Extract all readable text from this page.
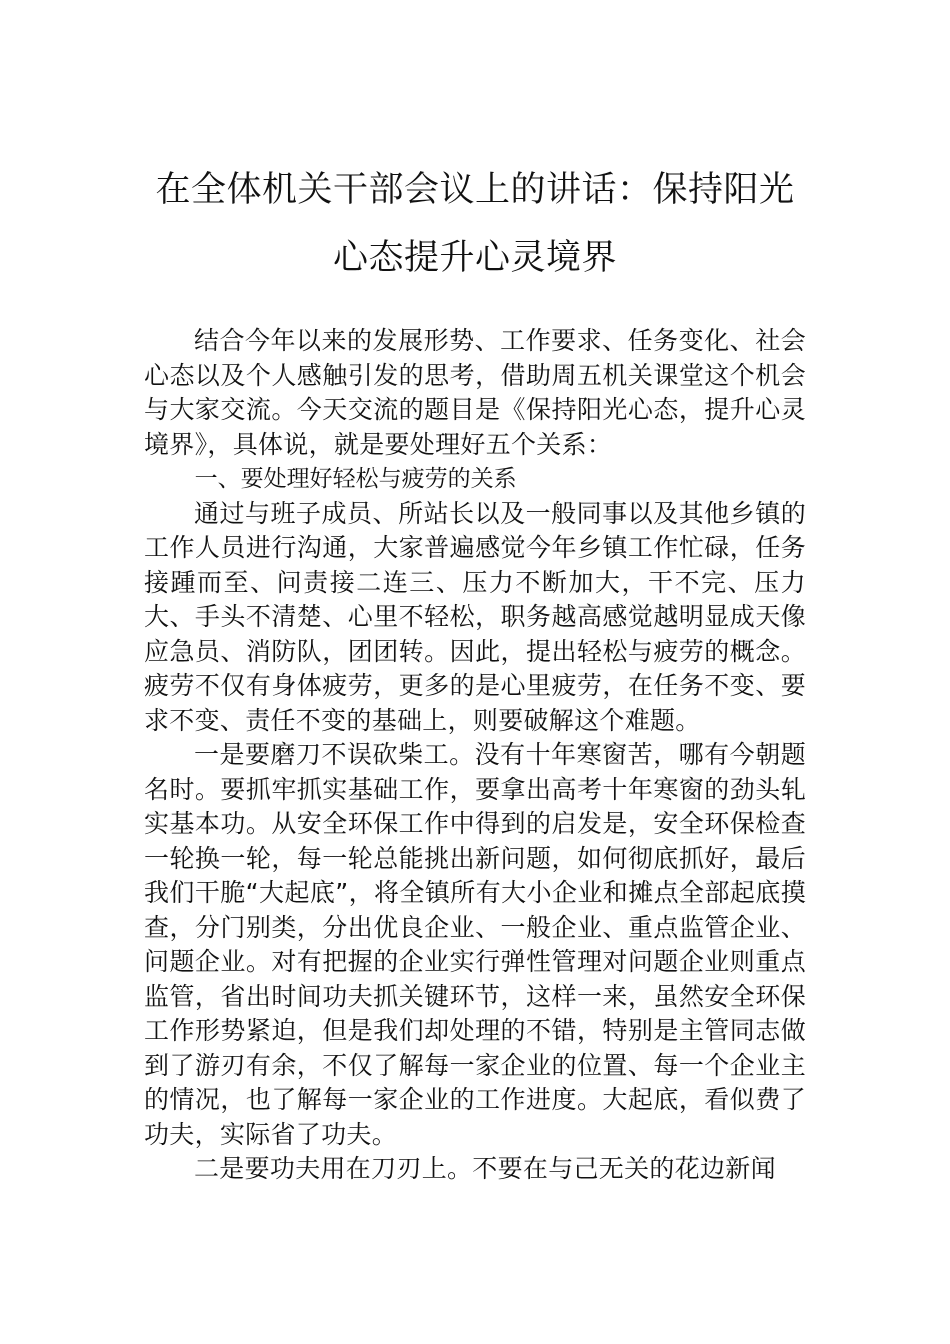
在全体机关干部会议上的讲话：保持阳光
心态提升心灵境界

结合今年以来的发展形势、工作要求、任务变化、社会心态以及个人感触引发的思考，借助周五机关课堂这个机会与大家交流。今天交流的题目是《保持阳光心态，提升心灵境界》，具体说，就是要处理好五个关系：

一、要处理好轻松与疲劳的关系

通过与班子成员、所站长以及一般同事以及其他乡镇的工作人员进行沟通，大家普遍感觉今年乡镇工作忙碌，任务接踵而至、问责接二连三、压力不断加大，干不完、压力大、手头不清楚、心里不轻松，职务越高感觉越明显成天像应急员、消防队，团团转。因此，提出轻松与疲劳的概念。疲劳不仅有身体疲劳，更多的是心里疲劳，在任务不变、要求不变、责任不变的基础上，则要破解这个难题。

一是要磨刀不误砍柴工。没有十年寒窗苦，哪有今朝题名时。要抓牢抓实基础工作，要拿出高考十年寒窗的劲头轧实基本功。从安全环保工作中得到的启发是，安全环保检查一轮换一轮，每一轮总能挑出新问题，如何彻底抓好，最后我们干脆“大起底”，将全镇所有大小企业和摊点全部起底摸查，分门别类，分出优良企业、一般企业、重点监管企业、问题企业。对有把握的企业实行弹性管理对问题企业则重点监管，省出时间功夫抓关键环节，这样一来，虽然安全环保工作形势紧迫，但是我们却处理的不错，特别是主管同志做到了游刃有余，不仅了解每一家企业的位置、每一个企业主的情况，也了解每一家企业的工作进度。大起底，看似费了功夫，实际省了功夫。

二是要功夫用在刀刃上。不要在与己无关的花边新闻
